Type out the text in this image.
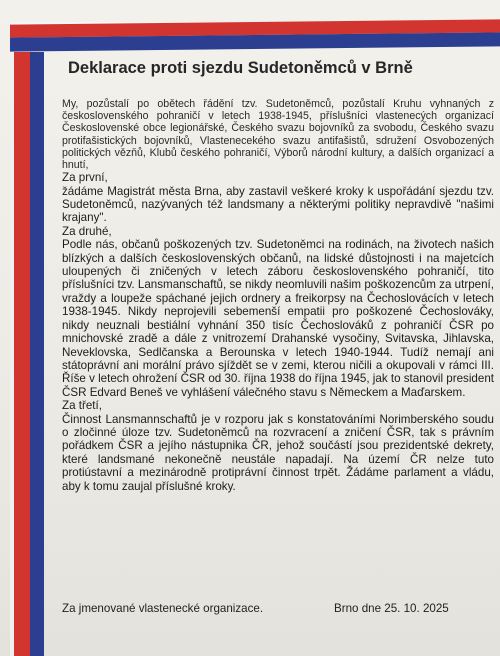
Deklarace proti sjezdu Sudetoněmců v Brně

My, pozůstalí po obětech řádění tzv. Sudetoněmců, pozůstalí Kruhu vyhnaných z československého pohraničí v letech 1938-1945, příslušníci vlastenecých organizací Československé obce legionářské, Českého svazu bojovníků za svobodu, Českého svazu protifašistických bojovníků, Vlastenecekého svazu antifašistů, sdružení Osvobozených politických vězňů, Klubů českého pohraničí, Výborů národní kultury, a dalších organizací a hnutí,

Za první,

žádáme Magistrát města Brna, aby zastavil veškeré kroky k uspořádání sjezdu tzv. Sudetoněmců, nazývaných též landsmany a některými politiky nepravdivě "našimi krajany".

Za druhé,

Podle nás, občanů poškozených tzv. Sudetoněmci na rodinách, na životech našich blízkých a dalších československých občanů, na lidské důstojnosti i na majetcích uloupených či zničených v letech záboru československého pohraničí, tito příslušníci tzv. Lansmanschaftů, se nikdy neomluvili našim poškozencům za utrpení, vraždy a loupeže spáchané jejich ordnery a freikorpsy na Čechoslovácích v letech 1938-1945. Nikdy neprojevili sebemenší empatii pro poškozené Čechoslováky, nikdy neuznali bestiální vyhnání 350 tisíc Čechoslováků z pohraničí ČSR po mnichovské zradě a dále z vnitrozemí Drahanské vysočiny, Svitavska, Jihlavska, Neveklovska, Sedlčanska a Berounska v letech 1940-1944. Tudíž nemají ani státoprávní ani morální právo sjíždět se v zemi, kterou ničili a okupovali v rámci III. Říše v letech ohrožení ČSR od 30. října 1938 do října 1945, jak to stanovil president ČSR Edvard Beneš ve vyhlášení válečného stavu s Německem a Maďarskem.

Za třetí,

Činnost Lansmannschaftů je v rozporu jak s konstatováními Norimberského soudu o zločinné úloze tzv. Sudetoněmců na rozvracení a zničení ČSR, tak s právním pořádkem ČSR a jejího nástupnika ČR, jehož součástí jsou prezidentské dekrety, které landsmané nekonečně neustále napadají. Na území ČR nelze tuto protiústavní a mezinárodně protiprávní činnost trpět. Žádáme parlament a vládu, aby k tomu zaujal příslušné kroky.

Za jmenované vlastenecké organizace.	Brno dne 25. 10. 2025
